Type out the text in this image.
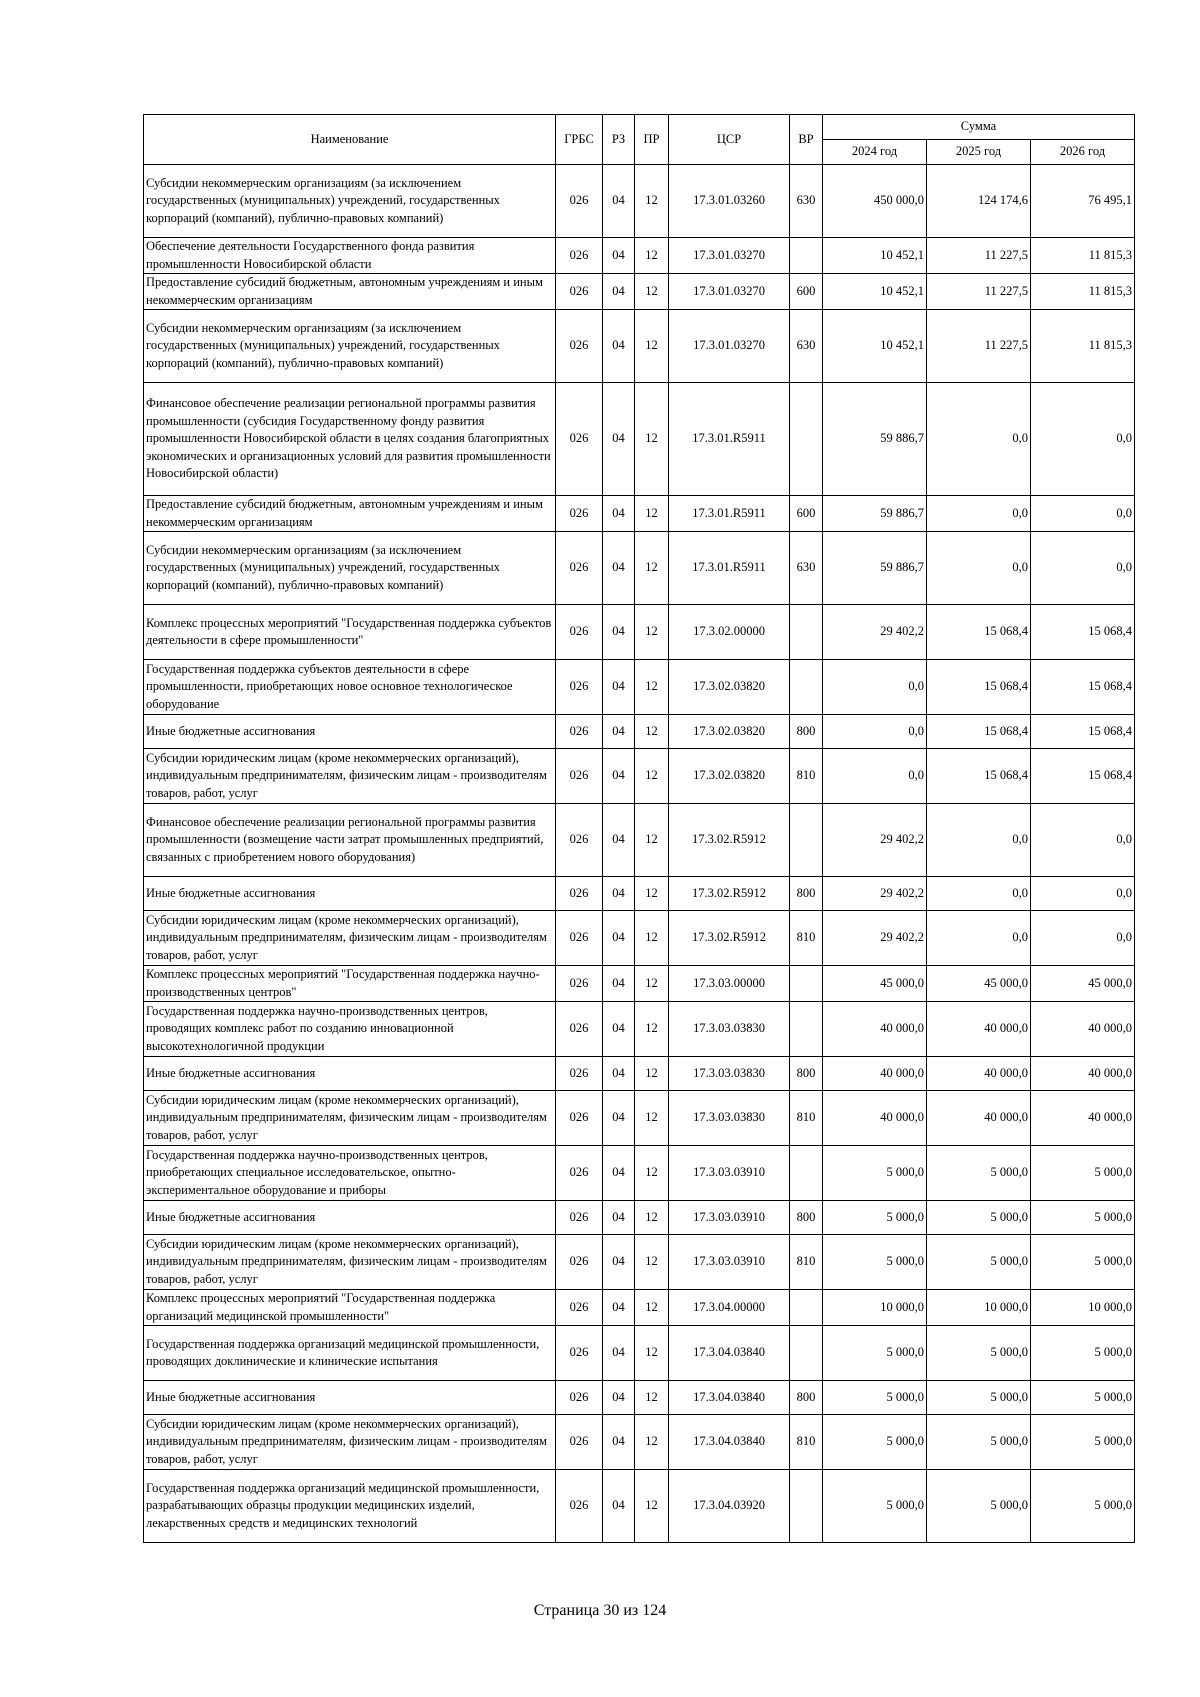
Наименование	ГРБС	РЗ	ПР	ЦСР	ВР	Сумма		
						2024 год	2025 год	2026 год
Субсидии некоммерческим организациям (за исключением государственных (муниципальных) учреждений, государственных корпораций (компаний), публично-правовых компаний)	026	04	12	17.3.01.03260	630	450 000,0	124 174,6	76 495,1
Обеспечение деятельности Государственного фонда развития промышленности Новосибирской области	026	04	12	17.3.01.03270		10 452,1	11 227,5	11 815,3
Предоставление субсидий бюджетным, автономным учреждениям и иным некоммерческим организациям	026	04	12	17.3.01.03270	600	10 452,1	11 227,5	11 815,3
Субсидии некоммерческим организациям (за исключением государственных (муниципальных) учреждений, государственных корпораций (компаний), публично-правовых компаний)	026	04	12	17.3.01.03270	630	10 452,1	11 227,5	11 815,3
Финансовое обеспечение реализации региональной программы развития промышленности (субсидия Государственному фонду развития промышленности Новосибирской области в целях создания благоприятных экономических и организационных условий для развития промышленности Новосибирской области)	026	04	12	17.3.01.R5911		59 886,7	0,0	0,0
Предоставление субсидий бюджетным, автономным учреждениям и иным некоммерческим организациям	026	04	12	17.3.01.R5911	600	59 886,7	0,0	0,0
Субсидии некоммерческим организациям (за исключением государственных (муниципальных) учреждений, государственных корпораций (компаний), публично-правовых компаний)	026	04	12	17.3.01.R5911	630	59 886,7	0,0	0,0
Комплекс процессных мероприятий "Государственная поддержка субъектов деятельности в сфере промышленности"	026	04	12	17.3.02.00000		29 402,2	15 068,4	15 068,4
Государственная поддержка субъектов деятельности в сфере промышленности, приобретающих новое основное технологическое оборудование	026	04	12	17.3.02.03820		0,0	15 068,4	15 068,4
Иные бюджетные ассигнования	026	04	12	17.3.02.03820	800	0,0	15 068,4	15 068,4
Субсидии юридическим лицам (кроме некоммерческих организаций), индивидуальным предпринимателям, физическим лицам - производителям товаров, работ, услуг	026	04	12	17.3.02.03820	810	0,0	15 068,4	15 068,4
Финансовое обеспечение реализации региональной программы развития промышленности (возмещение части затрат промышленных предприятий, связанных с приобретением нового оборудования)	026	04	12	17.3.02.R5912		29 402,2	0,0	0,0
Иные бюджетные ассигнования	026	04	12	17.3.02.R5912	800	29 402,2	0,0	0,0
Субсидии юридическим лицам (кроме некоммерческих организаций), индивидуальным предпринимателям, физическим лицам - производителям товаров, работ, услуг	026	04	12	17.3.02.R5912	810	29 402,2	0,0	0,0
Комплекс процессных мероприятий "Государственная поддержка научно-производственных центров"	026	04	12	17.3.03.00000		45 000,0	45 000,0	45 000,0
Государственная поддержка научно-производственных центров, проводящих комплекс работ по созданию инновационной высокотехнологичной продукции	026	04	12	17.3.03.03830		40 000,0	40 000,0	40 000,0
Иные бюджетные ассигнования	026	04	12	17.3.03.03830	800	40 000,0	40 000,0	40 000,0
Субсидии юридическим лицам (кроме некоммерческих организаций), индивидуальным предпринимателям, физическим лицам - производителям товаров, работ, услуг	026	04	12	17.3.03.03830	810	40 000,0	40 000,0	40 000,0
Государственная поддержка научно-производственных центров, приобретающих специальное исследовательское, опытно-экспериментальное оборудование и приборы	026	04	12	17.3.03.03910		5 000,0	5 000,0	5 000,0
Иные бюджетные ассигнования	026	04	12	17.3.03.03910	800	5 000,0	5 000,0	5 000,0
Субсидии юридическим лицам (кроме некоммерческих организаций), индивидуальным предпринимателям, физическим лицам - производителям товаров, работ, услуг	026	04	12	17.3.03.03910	810	5 000,0	5 000,0	5 000,0
Комплекс процессных мероприятий "Государственная поддержка организаций медицинской промышленности"	026	04	12	17.3.04.00000		10 000,0	10 000,0	10 000,0
Государственная поддержка организаций медицинской промышленности, проводящих доклинические и клинические испытания	026	04	12	17.3.04.03840		5 000,0	5 000,0	5 000,0
Иные бюджетные ассигнования	026	04	12	17.3.04.03840	800	5 000,0	5 000,0	5 000,0
Субсидии юридическим лицам (кроме некоммерческих организаций), индивидуальным предпринимателям, физическим лицам - производителям товаров, работ, услуг	026	04	12	17.3.04.03840	810	5 000,0	5 000,0	5 000,0
Государственная поддержка организаций медицинской промышленности, разрабатывающих образцы продукции медицинских изделий, лекарственных средств и медицинских технологий	026	04	12	17.3.04.03920		5 000,0	5 000,0	5 000,0
Страница 30 из 124
